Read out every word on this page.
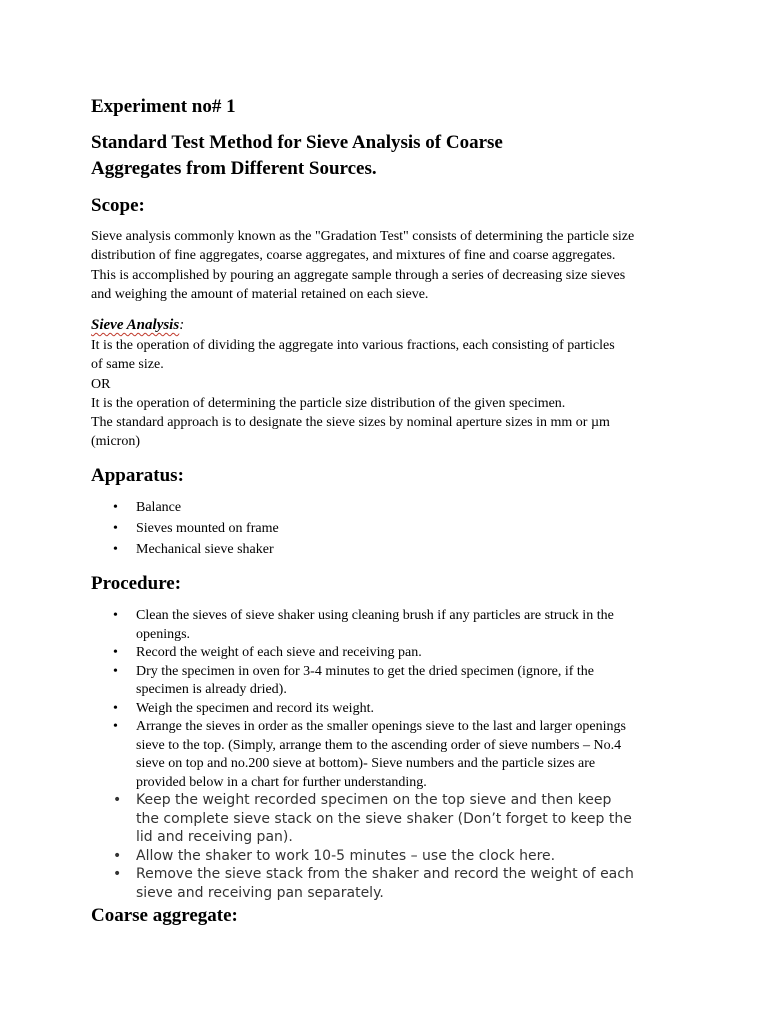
Experiment no# 1
Standard Test Method for Sieve Analysis of Coarse
Aggregates from Different Sources.
Scope:
Sieve analysis commonly known as the "Gradation Test" consists of determining the particle size
distribution of fine aggregates, coarse aggregates, and mixtures of fine and coarse aggregates.
This is accomplished by pouring an aggregate sample through a series of decreasing size sieves
and weighing the amount of material retained on each sieve.
Sieve Analysis:
It is the operation of dividing the aggregate into various fractions, each consisting of particles
of same size.
OR
It is the operation of determining the particle size distribution of the given specimen.
The standard approach is to designate the sieve sizes by nominal aperture sizes in mm or µm
(micron)
Apparatus:
• Balance
• Sieves mounted on frame
• Mechanical sieve shaker
Procedure:
• Clean the sieves of sieve shaker using cleaning brush if any particles are struck in the
openings.
• Record the weight of each sieve and receiving pan.
• Dry the specimen in oven for 3-4 minutes to get the dried specimen (ignore, if the
specimen is already dried).
• Weigh the specimen and record its weight.
• Arrange the sieves in order as the smaller openings sieve to the last and larger openings
sieve to the top. (Simply, arrange them to the ascending order of sieve numbers – No.4
sieve on top and no.200 sieve at bottom)- Sieve numbers and the particle sizes are
provided below in a chart for further understanding.
• Keep the weight recorded specimen on the top sieve and then keep
the complete sieve stack on the sieve shaker (Don’t forget to keep the
lid and receiving pan).
• Allow the shaker to work 10-5 minutes – use the clock here.
• Remove the sieve stack from the shaker and record the weight of each
sieve and receiving pan separately.
Coarse aggregate:
